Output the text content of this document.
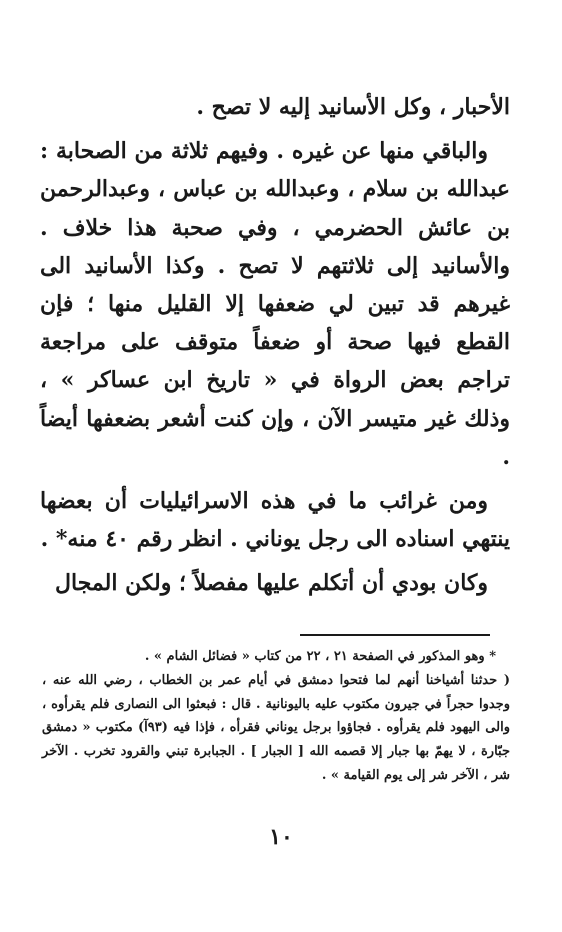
الأحبار ، وكل الأسانيد إليه لا تصح .

والباقي منها عن غيره . وفيهم ثلاثة من الصحابة : عبدالله بن سلام ، وعبدالله بن عباس ، وعبدالرحمن بن عائش الحضرمي ، وفي صحبة هذا خلاف . والأسانيد إلى ثلاثتهم لا تصح . وكذا الأسانيد الى غيرهم قد تبين لي ضعفها إلا القليل منها ؛ فإن القطع فيها صحة أو ضعفاً متوقف على مراجعة تراجم بعض الرواة في « تاريخ ابن عساكر » ، وذلك غير متيسر الآن ، وإن كنت أشعر بضعفها أيضاً .

ومن غرائب ما في هذه الاسرائيليات أن بعضها ينتهي اسناده الى رجل يوناني . انظر رقم ٤٠ منه* .

وكان بودي أن أتكلم عليها مفصلاً ؛ ولكن المجال

* وهو المذكور في الصفحة ٢١ ، ٢٢ من كتاب « فضائل الشام » .

( حدثنا أشياخنا أنهم لما فتحوا دمشق في أيام عمر بن الخطاب ، رضي الله عنه ، وجدوا حجراً في جيرون مكتوب عليه باليونانية . قال : فبعثوا الى النصارى فلم يقرأوه ، والى اليهود فلم يقرأوه . فجاؤوا برجل يوناني فقرأه ، فإذا فيه (٩٣آ) مكتوب « دمشق جبّارة ، لا يهمّ بها جبار إلا قصمه الله [ الجبار ] . الجبابرة تبني والقرود تخرب . الآخر شر ، الآخر شر إلى يوم القيامة » .

١٠
